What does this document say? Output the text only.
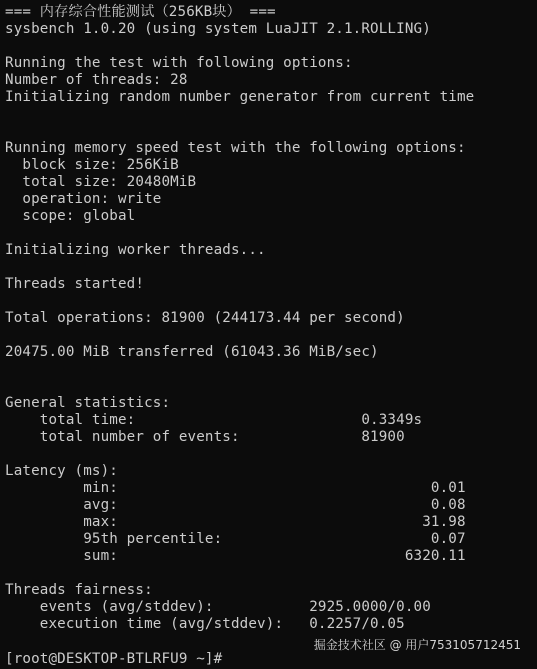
=== 内存综合性能测试（256KB块） ===
sysbench 1.0.20 (using system LuaJIT 2.1.ROLLING)
Running the test with following options:
Number of threads: 28
Initializing random number generator from current time
Running memory speed test with the following options:
block size: 256KiB
total size: 20480MiB
operation: write
scope: global
Initializing worker threads...
Threads started!
Total operations: 81900 (244173.44 per second)
20475.00 MiB transferred (61043.36 MiB/sec)
General statistics:
total time:                          0.3349s
total number of events:              81900
Latency (ms):
min:                                    0.01
avg:                                    0.08
max:                                   31.98
95th percentile:                        0.07
sum:                                 6320.11
Threads fairness:
events (avg/stddev):           2925.0000/0.00
execution time (avg/stddev):   0.2257/0.05
[root@DESKTOP-BTLRFU9 ~]#
掘金技术社区 @ 用户753105712451
